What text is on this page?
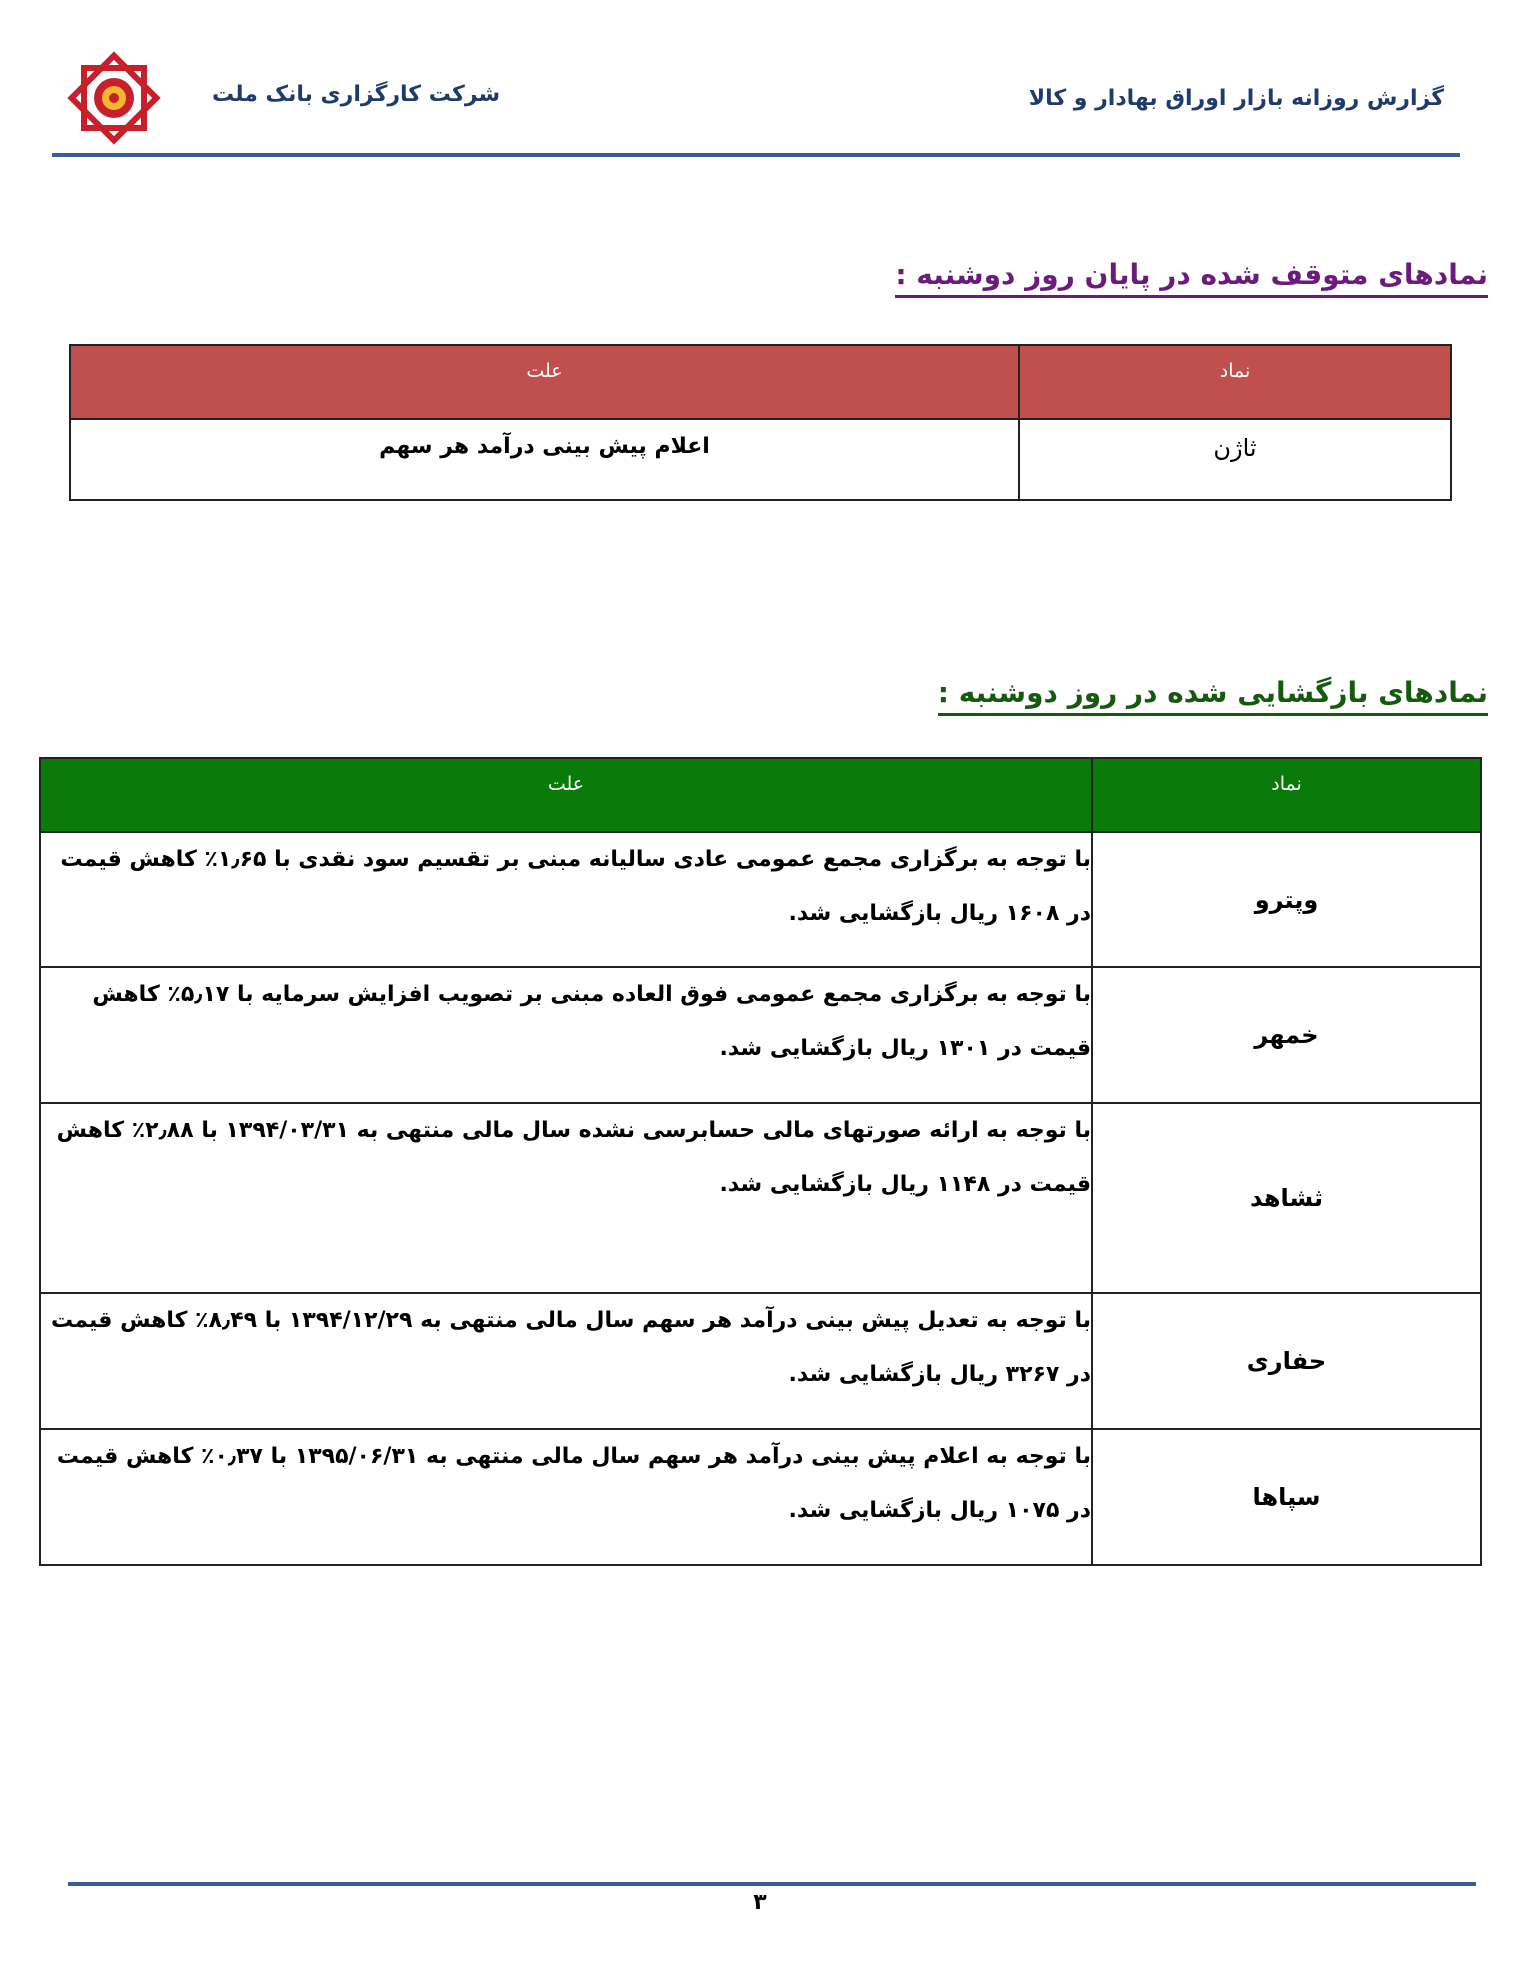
گزارش روزانه بازار اوراق بهادار و کالا
شرکت کارگزاری بانک ملت
نمادهای متوقف شده در پایان روز دوشنبه :
نماد	علت
ثاژن	اعلام پیش بینی درآمد هر سهم
نمادهای بازگشایی شده در روز دوشنبه :
نماد	علت
وپترو	با توجه به برگزاری مجمع عمومی عادی سالیانه مبنی بر تقسیم سود نقدی با ۱٫۶۵٪ کاهش قیمت در ۱۶۰۸ ریال بازگشایی شد.
خمهر	با توجه به برگزاری مجمع عمومی فوق العاده مبنی بر تصویب افزایش سرمایه با ۵٫۱۷٪ کاهش قیمت در ۱۳۰۱ ریال بازگشایی شد.
ثشاهد	با توجه به ارائه صورتهای مالی حسابرسی نشده سال مالی منتهی به ۱۳۹۴/۰۳/۳۱ با ۲٫۸۸٪ کاهش قیمت در ۱۱۴۸ ریال بازگشایی شد.
حفاری	با توجه به تعدیل پیش بینی درآمد هر سهم سال مالی منتهی به ۱۳۹۴/۱۲/۲۹ با ۸٫۴۹٪ کاهش قیمت در ۳۲۶۷ ریال بازگشایی شد.
سپاها	با توجه به اعلام پیش بینی درآمد هر سهم سال مالی منتهی به ۱۳۹۵/۰۶/۳۱ با ۰٫۳۷٪ کاهش قیمت در ۱۰۷۵ ریال بازگشایی شد.
۳
